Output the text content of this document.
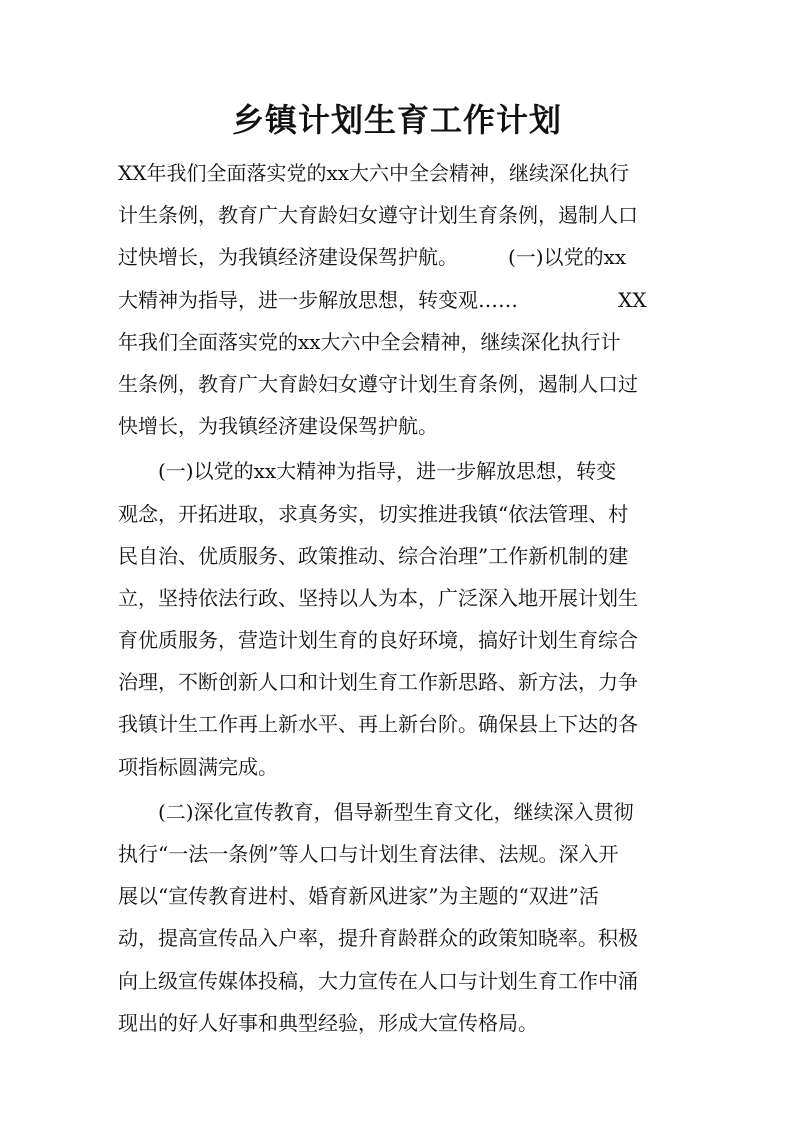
乡镇计划生育工作计划
XX年我们全面落实党的xx大六中全会精神，继续深化执行
计生条例，教育广大育龄妇女遵守计划生育条例，遏制人口
过快增长，为我镇经济建设保驾护航。　　　(一)以党的xx
大精神为指导，进一步解放思想，转变观……　　　　　XX
年我们全面落实党的xx大六中全会精神，继续深化执行计
生条例，教育广大育龄妇女遵守计划生育条例，遏制人口过
快增长，为我镇经济建设保驾护航。
　　(一)以党的xx大精神为指导，进一步解放思想，转变
观念，开拓进取，求真务实，切实推进我镇“依法管理、村
民自治、优质服务、政策推动、综合治理”工作新机制的建
立，坚持依法行政、坚持以人为本，广泛深入地开展计划生
育优质服务，营造计划生育的良好环境，搞好计划生育综合
治理，不断创新人口和计划生育工作新思路、新方法，力争
我镇计生工作再上新水平、再上新台阶。确保县上下达的各
项指标圆满完成。
　　(二)深化宣传教育，倡导新型生育文化，继续深入贯彻
执行“一法一条例”等人口与计划生育法律、法规。深入开
展以“宣传教育进村、婚育新风进家”为主题的“双进”活
动，提高宣传品入户率，提升育龄群众的政策知晓率。积极
向上级宣传媒体投稿，大力宣传在人口与计划生育工作中涌
现出的好人好事和典型经验，形成大宣传格局。
